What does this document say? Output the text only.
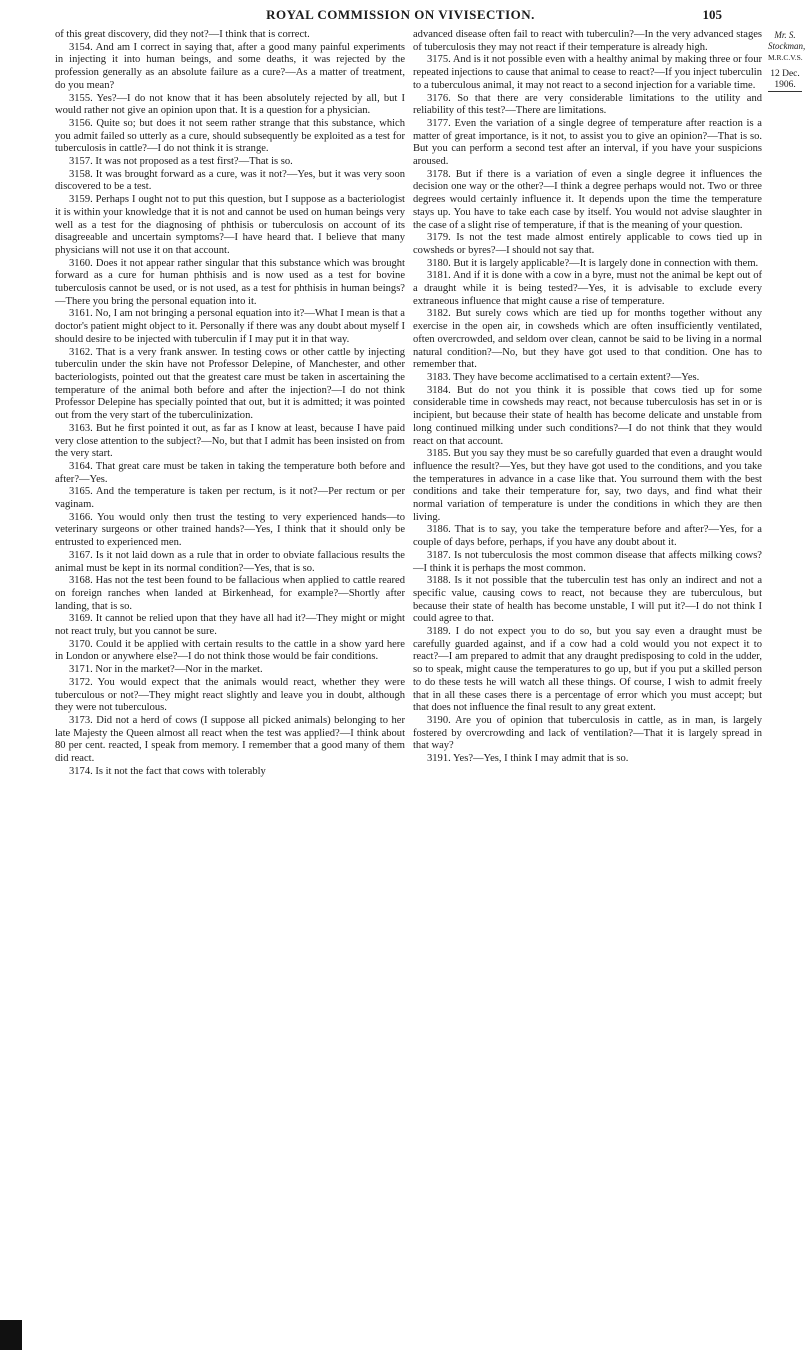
ROYAL COMMISSION ON VIVISECTION.	105

of this great discovery, did they not?—I think that is correct.

3154. And am I correct in saying that, after a good many painful experiments in injecting it into human beings, and some deaths, it was rejected by the profession generally as an absolute failure as a cure?—As a matter of treatment, do you mean?

3155. Yes?—I do not know that it has been absolutely rejected by all, but I would rather not give an opinion upon that. It is a question for a physician.

3156. Quite so; but does it not seem rather strange that this substance, which you admit failed so utterly as a cure, should subsequently be exploited as a test for tuberculosis in cattle?—I do not think it is strange.

3157. It was not proposed as a test first?—That is so.

3158. It was brought forward as a cure, was it not?—Yes, but it was very soon discovered to be a test.

3159. Perhaps I ought not to put this question, but I suppose as a bacteriologist it is within your knowledge that it is not and cannot be used on human beings very well as a test for the diagnosing of phthisis or tuberculosis on account of its disagreeable and uncertain symptoms?—I have heard that. I believe that many physicians will not use it on that account.

3160. Does it not appear rather singular that this substance which was brought forward as a cure for human phthisis and is now used as a test for bovine tuberculosis cannot be used, or is not used, as a test for phthisis in human beings?—There you bring the personal equation into it.

3161. No, I am not bringing a personal equation into it?—What I mean is that a doctor's patient might object to it. Personally if there was any doubt about myself I should desire to be injected with tuberculin if I may put it in that way.

3162. That is a very frank answer. In testing cows or other cattle by injecting tuberculin under the skin have not Professor Delepine, of Manchester, and other bacteriologists, pointed out that the greatest care must be taken in ascertaining the temperature of the animal both before and after the injection?—I do not think Professor Delepine has specially pointed that out, but it is admitted; it was pointed out from the very start of the tuberculinization.

3163. But he first pointed it out, as far as I know at least, because I have paid very close attention to the subject?—No, but that I admit has been insisted on from the very start.

3164. That great care must be taken in taking the temperature both before and after?—Yes.

3165. And the temperature is taken per rectum, is it not?—Per rectum or per vaginam.

3166. You would only then trust the testing to very experienced hands—to veterinary surgeons or other trained hands?—Yes, I think that it should only be entrusted to experienced men.

3167. Is it not laid down as a rule that in order to obviate fallacious results the animal must be kept in its normal condition?—Yes, that is so.

3168. Has not the test been found to be fallacious when applied to cattle reared on foreign ranches when landed at Birkenhead, for example?—Shortly after landing, that is so.

3169. It cannot be relied upon that they have all had it?—They might or might not react truly, but you cannot be sure.

3170. Could it be applied with certain results to the cattle in a show yard here in London or anywhere else?—I do not think those would be fair conditions.

3171. Nor in the market?—Nor in the market.

3172. You would expect that the animals would react, whether they were tuberculous or not?—They might react slightly and leave you in doubt, although they were not tuberculous.

3173. Did not a herd of cows (I suppose all picked animals) belonging to her late Majesty the Queen almost all react when the test was applied?—I think about 80 per cent. reacted, I speak from memory. I remember that a good many of them did react.

3174. Is it not the fact that cows with tolerably

advanced disease often fail to react with tuberculin?—In the very advanced stages of tuberculosis they may not react if their temperature is already high.

3175. And is it not possible even with a healthy animal by making three or four repeated injections to cause that animal to cease to react?—If you inject tuberculin to a tuberculous animal, it may not react to a second injection for a variable time.

3176. So that there are very considerable limitations to the utility and reliability of this test?—There are limitations.

3177. Even the variation of a single degree of temperature after reaction is a matter of great importance, is it not, to assist you to give an opinion?—That is so. But you can perform a second test after an interval, if you have your suspicions aroused.

3178. But if there is a variation of even a single degree it influences the decision one way or the other?—I think a degree perhaps would not. Two or three degrees would certainly influence it. It depends upon the time the temperature stays up. You have to take each case by itself. You would not advise slaughter in the case of a slight rise of temperature, if that is the meaning of your question.

3179. Is not the test made almost entirely applicable to cows tied up in cowsheds or byres?—I should not say that.

3180. But it is largely applicable?—It is largely done in connection with them.

3181. And if it is done with a cow in a byre, must not the animal be kept out of a draught while it is being tested?—Yes, it is advisable to exclude every extraneous influence that might cause a rise of temperature.

3182. But surely cows which are tied up for months together without any exercise in the open air, in cowsheds which are often insufficiently ventilated, often overcrowded, and seldom over clean, cannot be said to be living in a normal natural condition?—No, but they have got used to that condition. One has to remember that.

3183. They have become acclimatised to a certain extent?—Yes.

3184. But do not you think it is possible that cows tied up for some considerable time in cowsheds may react, not because tuberculosis has set in or is incipient, but because their state of health has become delicate and unstable from long continued milking under such conditions?—I do not think that they would react on that account.

3185. But you say they must be so carefully guarded that even a draught would influence the result?—Yes, but they have got used to the conditions, and you take the temperatures in advance in a case like that. You surround them with the best conditions and take their temperature for, say, two days, and find what their normal variation of temperature is under the conditions in which they are then living.

3186. That is to say, you take the temperature before and after?—Yes, for a couple of days before, perhaps, if you have any doubt about it.

3187. Is not tuberculosis the most common disease that affects milking cows?—I think it is perhaps the most common.

3188. Is it not possible that the tuberculin test has only an indirect and not a specific value, causing cows to react, not because they are tuberculous, but because their state of health has become unstable, I will put it?—I do not think I could agree to that.

3189. I do not expect you to do so, but you say even a draught must be carefully guarded against, and if a cow had a cold would you not expect it to react?—I am prepared to admit that any draught predisposing to cold in the udder, so to speak, might cause the temperatures to go up, but if you put a skilled person to do these tests he will watch all these things. Of course, I wish to admit freely that in all these cases there is a percentage of error which you must accept; but that does not influence the final result to any great extent.

3190. Are you of opinion that tuberculosis in cattle, as in man, is largely fostered by overcrowding and lack of ventilation?—That it is largely spread in that way?

3191. Yes?—Yes, I think I may admit that is so.

Mr. S.
Stockman,
M.R.C.V.S.
12 Dec. 1906.
